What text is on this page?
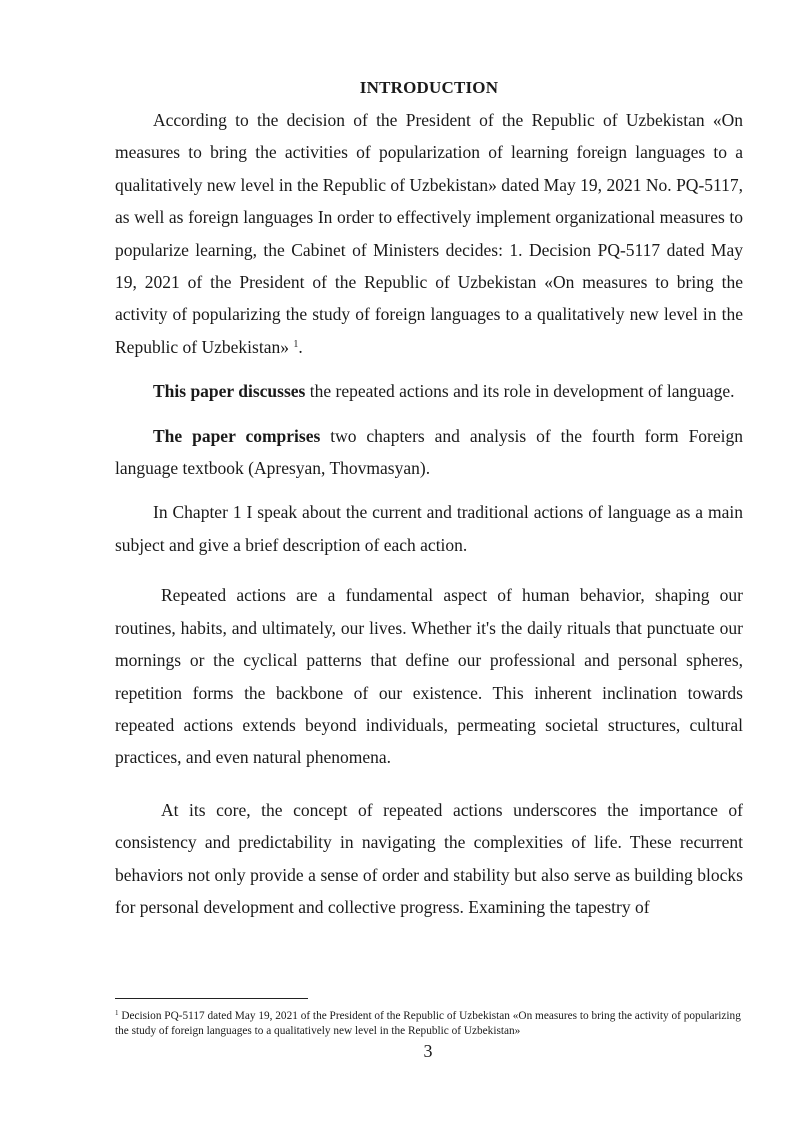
INTRODUCTION

According to the decision of the President of the Republic of Uzbekistan «On measures to bring the activities of popularization of learning foreign languages to a qualitatively new level in the Republic of Uzbekistan» dated May 19, 2021 No. PQ-5117, as well as foreign languages In order to effectively implement organizational measures to popularize learning, the Cabinet of Ministers decides: 1. Decision PQ-5117 dated May 19, 2021 of the President of the Republic of Uzbekistan «On measures to bring the activity of popularizing the study of foreign languages to a qualitatively new level in the Republic of Uzbekistan» $^1$.

This paper discusses the repeated actions and its role in development of language.

The paper comprises two chapters and analysis of the fourth form Foreign language textbook (Apresyan, Thovmasyan).

In Chapter 1 I speak about the current and traditional actions of language as a main subject and give a brief description of each action.

Repeated actions are a fundamental aspect of human behavior, shaping our routines, habits, and ultimately, our lives. Whether it's the daily rituals that punctuate our mornings or the cyclical patterns that define our professional and personal spheres, repetition forms the backbone of our existence. This inherent inclination towards repeated actions extends beyond individuals, permeating societal structures, cultural practices, and even natural phenomena.

At its core, the concept of repeated actions underscores the importance of consistency and predictability in navigating the complexities of life. These recurrent behaviors not only provide a sense of order and stability but also serve as building blocks for personal development and collective progress. Examining the tapestry of

$^1$ Decision PQ-5117 dated May 19, 2021 of the President of the Republic of Uzbekistan «On measures to bring the activity of popularizing the study of foreign languages to a qualitatively new level in the Republic of Uzbekistan»

3
